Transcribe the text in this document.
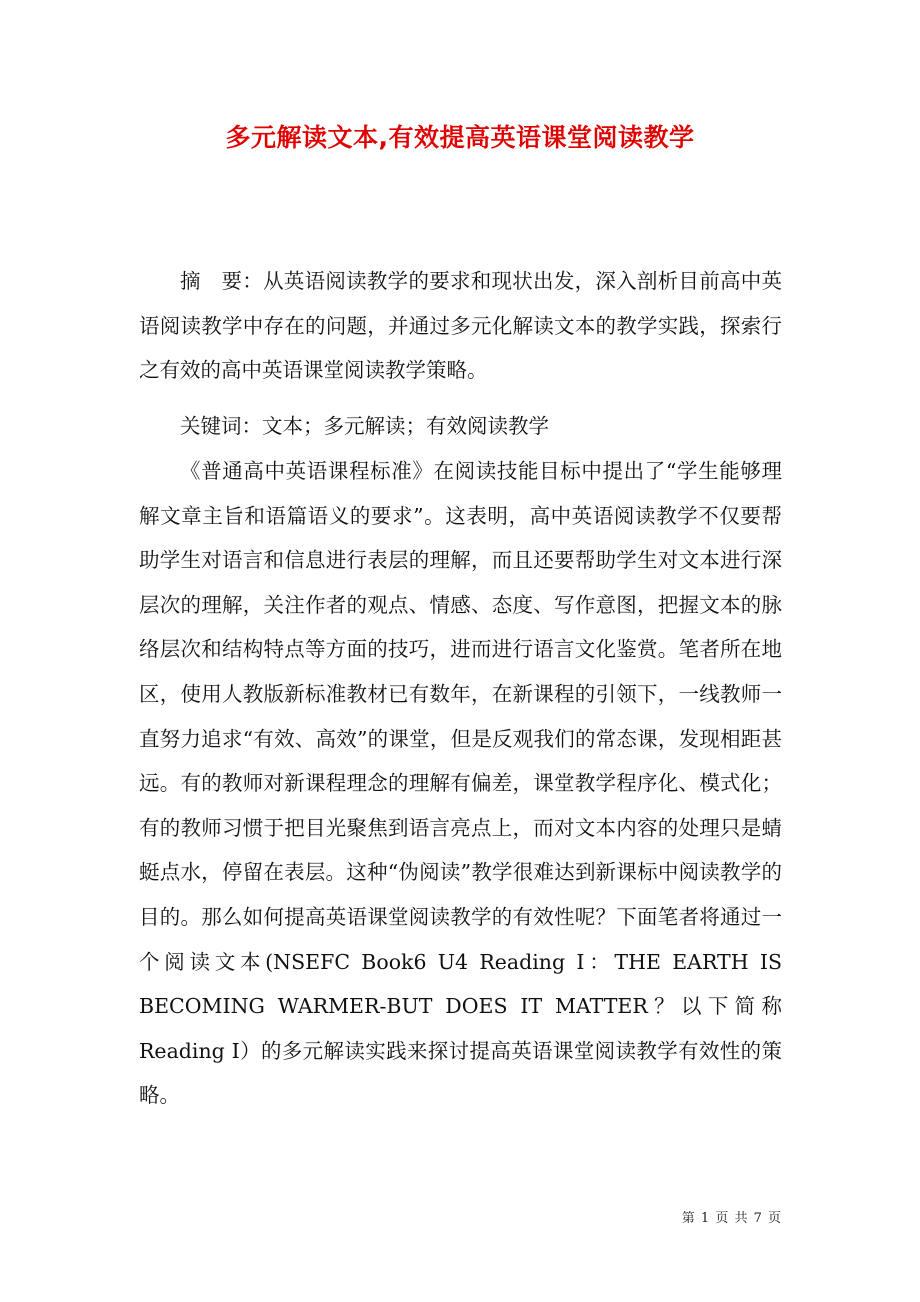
多元解读文本,有效提高英语课堂阅读教学

摘　要：从英语阅读教学的要求和现状出发，深入剖析目前高中英语阅读教学中存在的问题，并通过多元化解读文本的教学实践，探索行之有效的高中英语课堂阅读教学策略。

关键词：文本；多元解读；有效阅读教学

《普通高中英语课程标准》在阅读技能目标中提出了“学生能够理解文章主旨和语篇语义的要求”。这表明，高中英语阅读教学不仅要帮助学生对语言和信息进行表层的理解，而且还要帮助学生对文本进行深层次的理解，关注作者的观点、情感、态度、写作意图，把握文本的脉络层次和结构特点等方面的技巧，进而进行语言文化鉴赏。笔者所在地区，使用人教版新标准教材已有数年，在新课程的引领下，一线教师一直努力追求“有效、高效”的课堂，但是反观我们的常态课，发现相距甚远。有的教师对新课程理念的理解有偏差，课堂教学程序化、模式化；有的教师习惯于把目光聚焦到语言亮点上，而对文本内容的处理只是蜻蜓点水，停留在表层。这种“伪阅读”教学很难达到新课标中阅读教学的目的。那么如何提高英语课堂阅读教学的有效性呢？下面笔者将通过一个阅读文本(NSEFC Book6 U4 Reading I：THE EARTH IS BECOMING WARMER-BUT DOES IT MATTER？以下简称Reading I）的多元解读实践来探讨提高英语课堂阅读教学有效性的策略。

第 1 页 共 7 页
